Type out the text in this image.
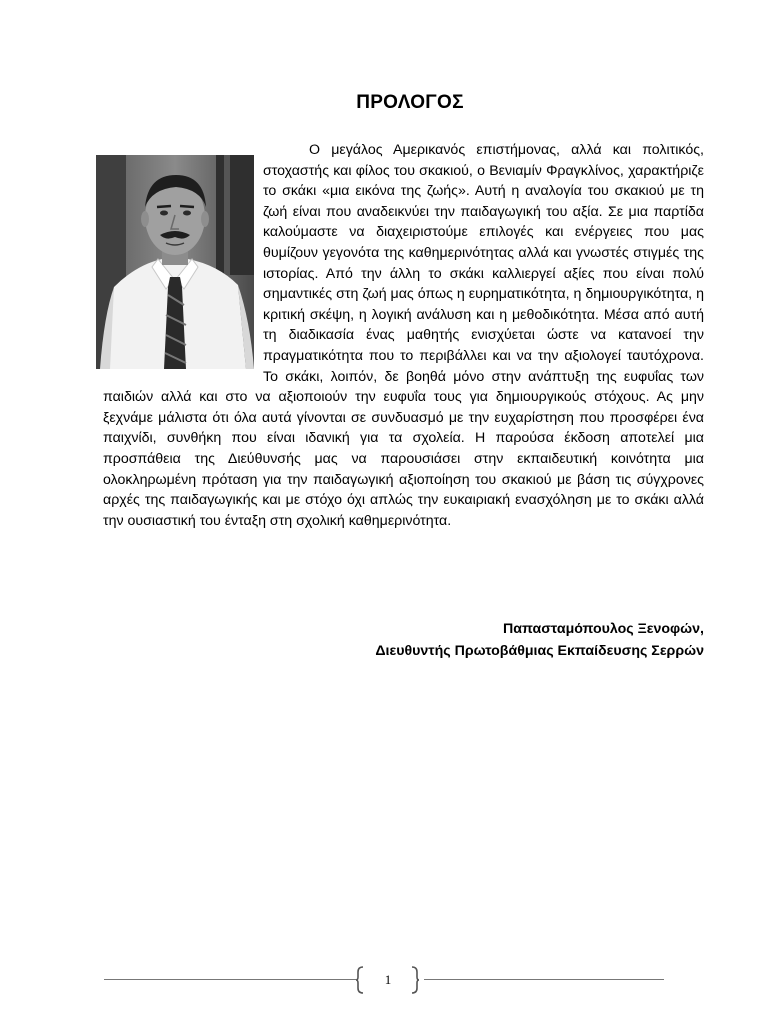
ΠΡΟΛΟΓΟΣ

Ο μεγάλος Αμερικανός επιστήμονας, αλλά και πολιτικός, στοχαστής και φίλος του σκακιού, ο Βενιαμίν Φραγκλίνος, χαρακτήριζε το σκάκι «μια εικόνα της ζωής». Αυτή η αναλογία του σκακιού με τη ζωή είναι που αναδεικνύει την παιδαγωγική του αξία. Σε μια παρτίδα καλούμαστε να διαχειριστούμε επιλογές και ενέργειες που μας θυμίζουν γεγονότα της καθημερινότητας αλλά και γνωστές στιγμές της ιστορίας. Από την άλλη το σκάκι καλλιεργεί αξίες που είναι πολύ σημαντικές στη ζωή μας όπως η ευρηματικότητα, η δημιουργικότητα, η κριτική σκέψη, η λογική ανάλυση και η μεθοδικότητα. Μέσα από αυτή τη διαδικασία ένας μαθητής ενισχύεται ώστε να κατανοεί την πραγματικότητα που το περιβάλλει και να την αξιολογεί ταυτόχρονα. Το σκάκι, λοιπόν, δε βοηθά μόνο στην ανάπτυξη της ευφυΐας των παιδιών αλλά και στο να αξιοποιούν την ευφυΐα τους για δημιουργικούς στόχους. Ας μην ξεχνάμε μάλιστα ότι όλα αυτά γίνονται σε συνδυασμό με την ευχαρίστηση που προσφέρει ένα παιχνίδι, συνθήκη που είναι ιδανική για τα σχολεία. Η παρούσα έκδοση αποτελεί μια προσπάθεια της Διεύθυνσής μας να παρουσιάσει στην εκπαιδευτική κοινότητα μια ολοκληρωμένη πρόταση για την παιδαγωγική αξιοποίηση του σκακιού με βάση τις σύγχρονες αρχές της παιδαγωγικής και με στόχο όχι απλώς την ευκαιριακή ενασχόληση με το σκάκι αλλά την ουσιαστική του ένταξη στη σχολική καθημερινότητα.

Παπασταμόπουλος Ξενοφών,
Διευθυντής Πρωτοβάθμιας Εκπαίδευσης Σερρών
1
